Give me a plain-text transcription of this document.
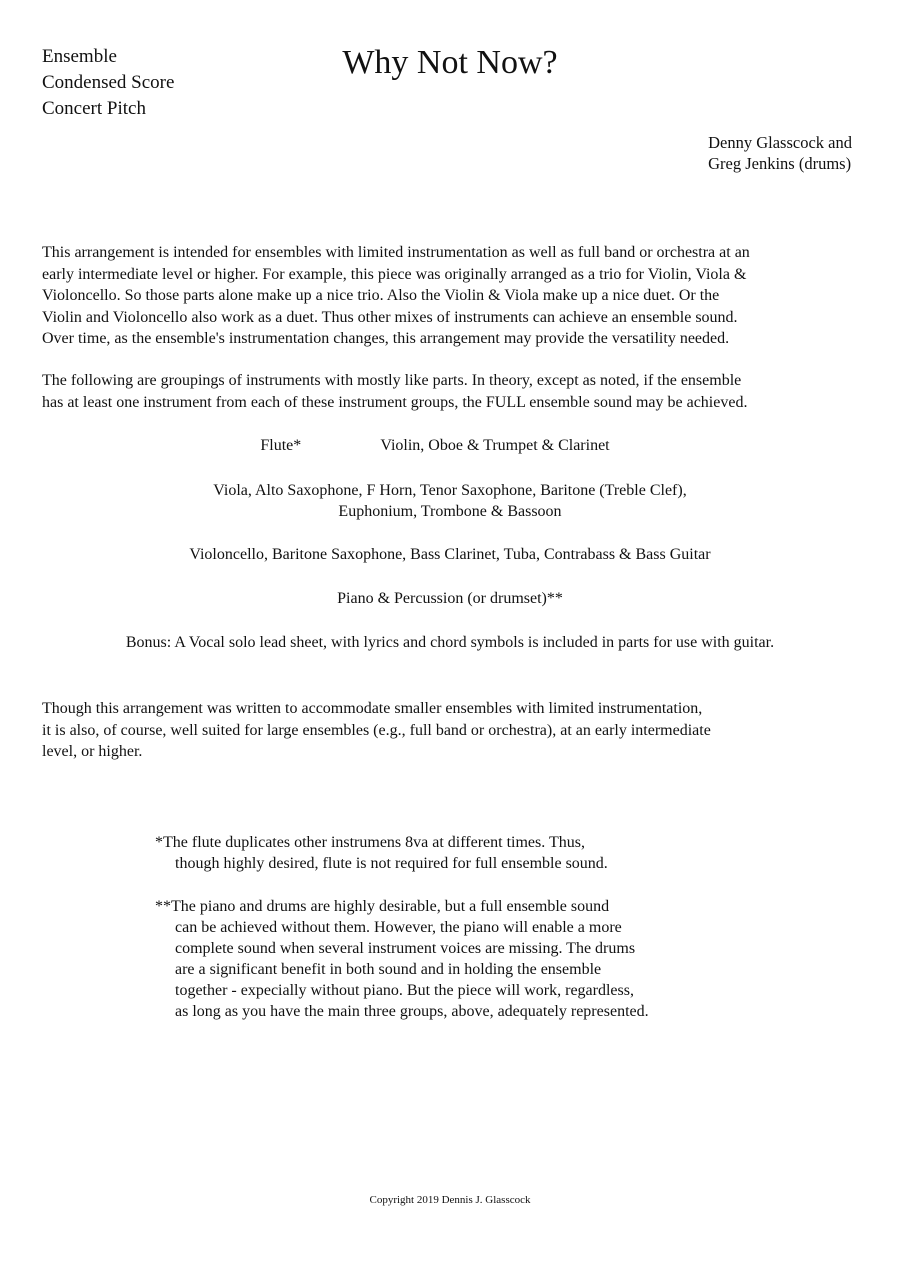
Ensemble
Condensed Score
Concert Pitch
Why Not Now?
Denny Glasscock and
Greg Jenkins (drums)
This arrangement is intended for ensembles with limited instrumentation as well as full band or orchestra at an
early intermediate level or higher. For example, this piece was originally arranged as a trio for Violin, Viola &
Violoncello. So those parts alone make up a nice trio. Also the Violin & Viola make up a nice duet. Or the
Violin and Violoncello also work as a duet. Thus other mixes of instruments can achieve an ensemble sound.
Over time, as the ensemble's instrumentation changes, this arrangement may provide the versatility needed.
The following are groupings of instruments with mostly like parts. In theory, except as noted, if the ensemble
has at least one instrument from each of these instrument groups, the FULL ensemble sound may be achieved.
Flute*	Violin, Oboe & Trumpet & Clarinet
Viola, Alto Saxophone, F Horn, Tenor Saxophone, Baritone (Treble Clef),
Euphonium, Trombone & Bassoon
Violoncello, Baritone Saxophone, Bass Clarinet, Tuba, Contrabass & Bass Guitar
Piano & Percussion (or drumset)**
Bonus: A Vocal solo lead sheet, with lyrics and chord symbols is included in parts for use with guitar.
Though this arrangement was written to accommodate smaller ensembles with limited instrumentation,
it is also, of course, well suited for large ensembles (e.g., full band or orchestra), at an early intermediate
level, or higher.
*The flute duplicates other instrumens 8va at different times. Thus,
though highly desired, flute is not required for full ensemble sound.
**The piano and drums are highly desirable, but a full ensemble sound
can be achieved without them. However, the piano will enable a more
complete sound when several instrument voices are missing. The drums
are a significant benefit in both sound and in holding the ensemble
together - expecially without piano. But the piece will work, regardless,
as long as you have the main three groups, above, adequately represented.
Copyright 2019 Dennis J. Glasscock
